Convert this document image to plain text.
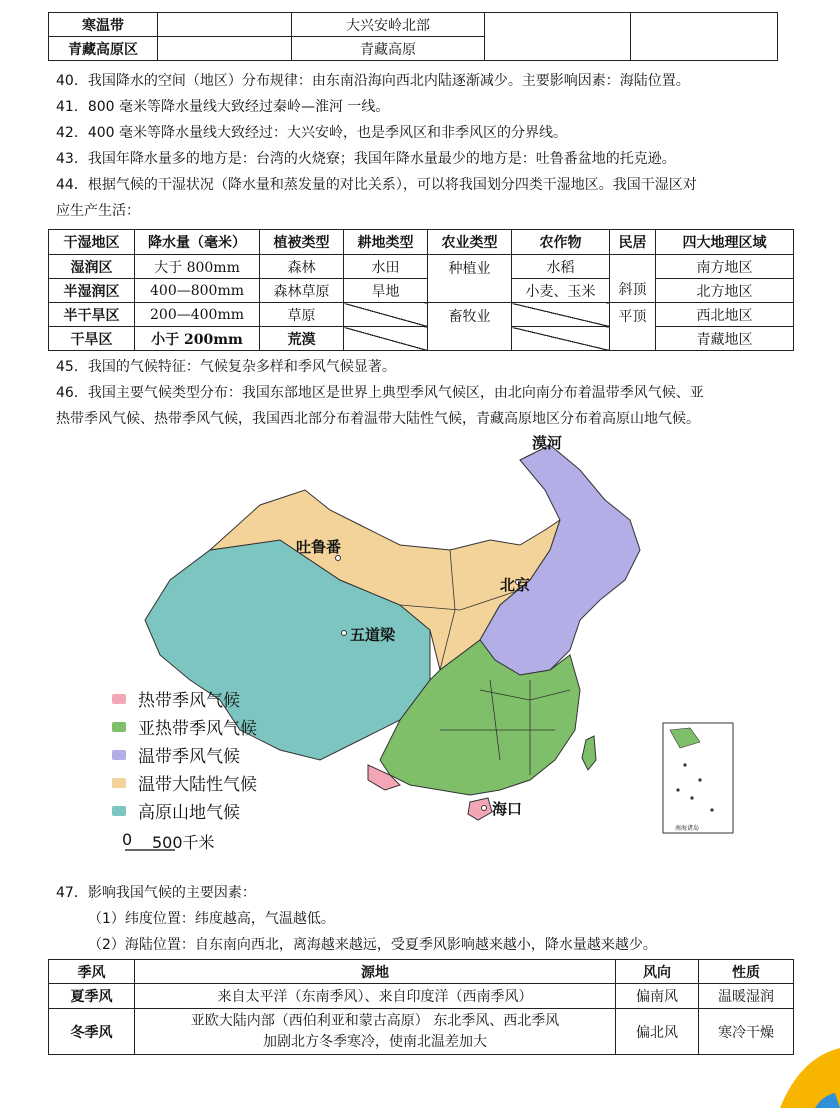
寒温带		大兴安岭北部		
青藏高原区		青藏高原		
40．我国降水的空间（地区）分布规律：由东南沿海向西北内陆逐渐减少。主要影响因素：海陆位置。
41．800 毫米等降水量线大致经过秦岭—淮河 一线。
42．400 毫米等降水量线大致经过：大兴安岭，也是季风区和非季风区的分界线。
43．我国年降水量多的地方是：台湾的火烧寮；我国年降水量最少的地方是：吐鲁番盆地的托克逊。
44．根据气候的干湿状况（降水量和蒸发量的对比关系），可以将我国划分四类干湿地区。我国干湿区对
应生产生活：
干湿地区	降水量（毫米）	植被类型	耕地类型	农业类型	农作物	民居	四大地理区域
湿润区	大于 800mm	森林	水田	种植业	水稻	斜顶	南方地区
半湿润区	400—800mm	森林草原	旱地		小麦、玉米		北方地区
半干旱区	200—400mm	草原		畜牧业		平顶	西北地区
干旱区	小于 200mm	荒漠					青藏地区
45．我国的气候特征：气候复杂多样和季风气候显著。
46．我国主要气候类型分布：我国东部地区是世界上典型季风气候区，由北向南分布着温带季风气候、亚
热带季风气候、热带季风气候，我国西北部分布着温带大陆性气候，青藏高原地区分布着高原山地气候。
漠河
吐鲁番
北京
五道梁
海口
南海诸岛
0 500千米
热带季风气候
亚热带季风气候
温带季风气候
温带大陆性气候
高原山地气候
47．影响我国气候的主要因素：
（1）纬度位置：纬度越高，气温越低。
（2）海陆位置：自东南向西北，离海越来越远，受夏季风影响越来越小，降水量越来越少。
季风	源地	风向	性质
夏季风	来自太平洋（东南季风）、来自印度洋（西南季风）	偏南风	温暖湿润
冬季风	亚欧大陆内部（西伯利亚和蒙古高原） 东北季风、西北季风
加剧北方冬季寒冷，使南北温差加大	偏北风	寒冷干燥
